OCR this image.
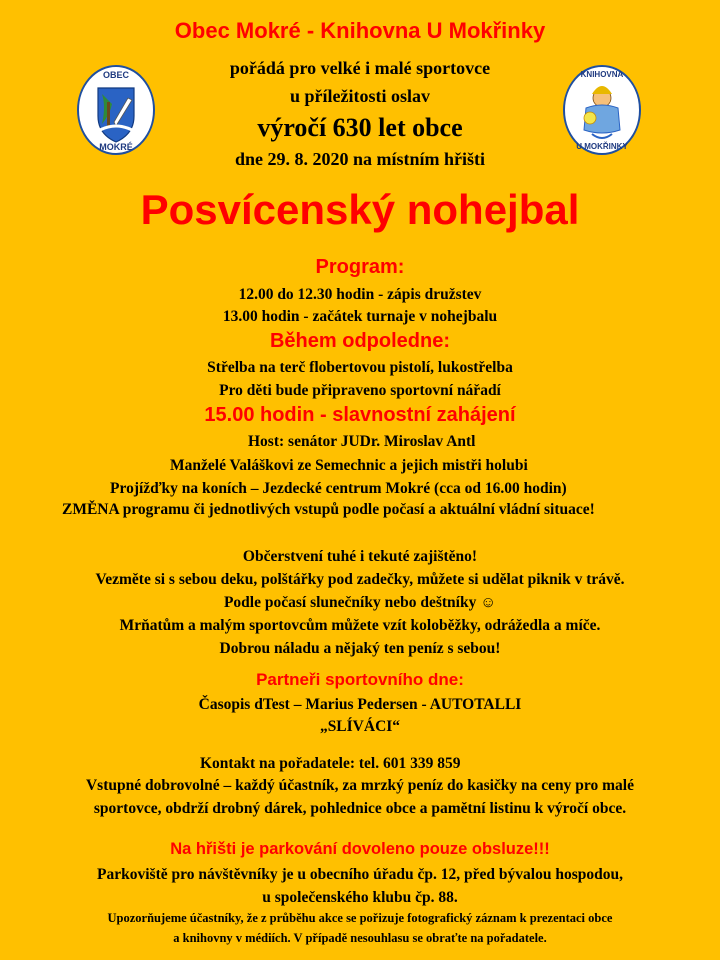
OBEC
MOKRÉ
KNIHOVNA
U MOKŘINKY
Obec Mokré - Knihovna U Mokřinky
pořádá pro velké i malé sportovce
u příležitosti oslav
výročí 630 let obce
dne 29. 8. 2020 na místním hřišti
Posvícenský nohejbal
Program:
12.00 do 12.30 hodin - zápis družstev
13.00 hodin - začátek turnaje v nohejbalu
Během odpoledne:
Střelba na terč flobertovou pistolí, lukostřelba
Pro děti bude připraveno sportovní nářadí
15.00 hodin - slavnostní zahájení
Host: senátor JUDr. Miroslav Antl
Manželé Valáškovi ze Semechnic a jejich mistři holubi
Projížďky na koních – Jezdecké centrum Mokré (cca od 16.00 hodin)
ZMĚNA programu či jednotlivých vstupů podle počasí a aktuální vládní situace!
Občerstvení tuhé i tekuté zajištěno!
Vezměte si s sebou deku, polštářky pod zadečky, můžete si udělat piknik v trávě.
Podle počasí slunečníky nebo deštníky ☺
Mrňatům a malým sportovcům můžete vzít koloběžky, odrážedla a míče.
Dobrou náladu a nějaký ten peníz s sebou!
Partneři sportovního dne:
Časopis dTest – Marius Pedersen - AUTOTALLI
„SLÍVÁCI“
Kontakt na pořadatele: tel. 601 339 859
Vstupné dobrovolné – každý účastník, za mrzký peníz do kasičky na ceny pro malé
sportovce, obdrží drobný dárek, pohlednice obce a pamětní listinu k výročí obce.
Na hřišti je parkování dovoleno pouze obsluze!!!
Parkoviště pro návštěvníky je u obecního úřadu čp. 12, před bývalou hospodou,
u společenského klubu čp. 88.
Upozorňujeme účastníky, že z průběhu akce se pořizuje fotografický záznam k prezentaci obce
a knihovny v médiích. V případě nesouhlasu se obraťte na pořadatele.
